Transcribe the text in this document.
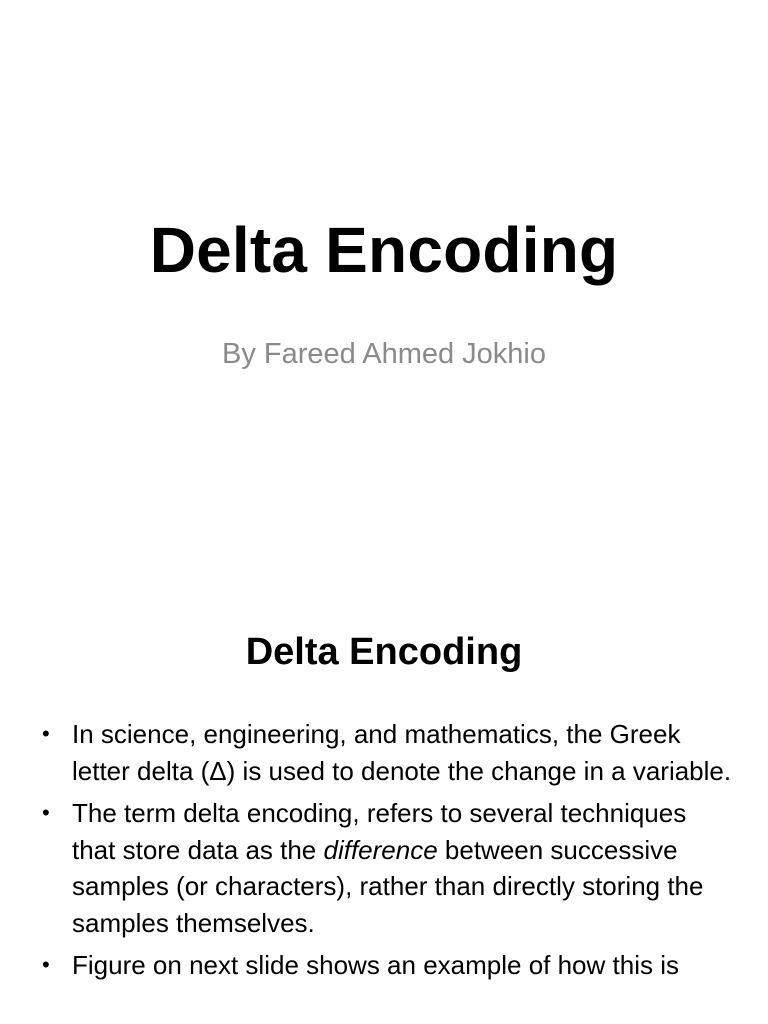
Delta Encoding
By Fareed Ahmed Jokhio
Delta Encoding
• In science, engineering, and mathematics, the Greek letter delta (Δ) is used to denote the change in a variable.
• The term delta encoding, refers to several techniques that store data as the difference between successive samples (or characters), rather than directly storing the samples themselves.
• Figure on next slide shows an example of how this is
